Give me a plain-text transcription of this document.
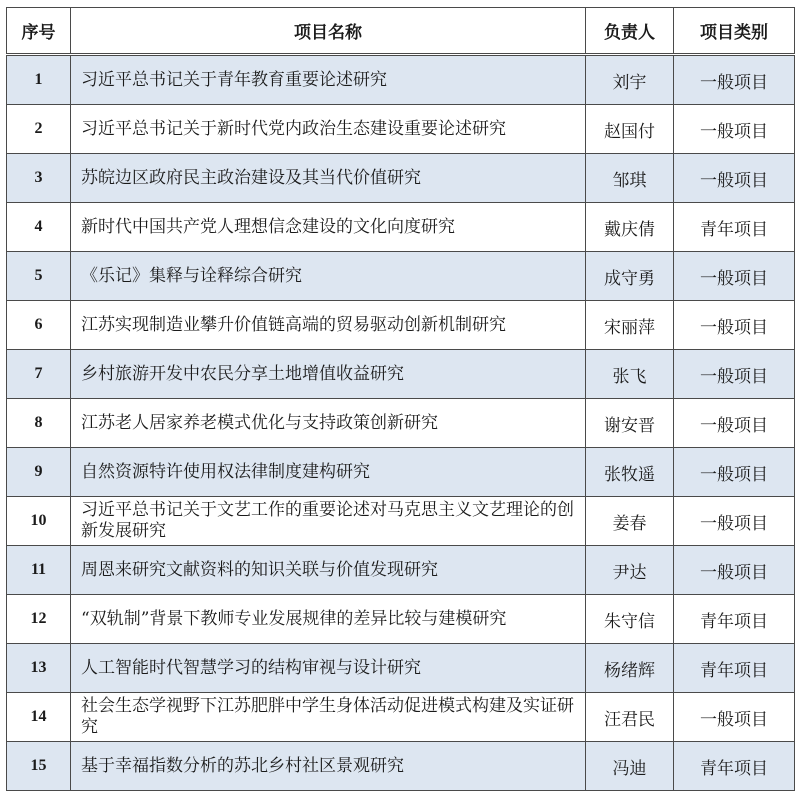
序号	项目名称	负责人	项目类别
1	习近平总书记关于青年教育重要论述研究	刘宇	一般项目
2	习近平总书记关于新时代党内政治生态建设重要论述研究	赵国付	一般项目
3	苏皖边区政府民主政治建设及其当代价值研究	邹琪	一般项目
4	新时代中国共产党人理想信念建设的文化向度研究	戴庆倩	青年项目
5	《乐记》集释与诠释综合研究	成守勇	一般项目
6	江苏实现制造业攀升价值链高端的贸易驱动创新机制研究	宋丽萍	一般项目
7	乡村旅游开发中农民分享土地增值收益研究	张飞	一般项目
8	江苏老人居家养老模式优化与支持政策创新研究	谢安晋	一般项目
9	自然资源特许使用权法律制度建构研究	张牧遥	一般项目
10	习近平总书记关于文艺工作的重要论述对马克思主义文艺理论的创新发展研究	姜春	一般项目
11	周恩来研究文献资料的知识关联与价值发现研究	尹达	一般项目
12	“双轨制”背景下教师专业发展规律的差异比较与建模研究	朱守信	青年项目
13	人工智能时代智慧学习的结构审视与设计研究	杨绪辉	青年项目
14	社会生态学视野下江苏肥胖中学生身体活动促进模式构建及实证研究	汪君民	一般项目
15	基于幸福指数分析的苏北乡村社区景观研究	冯迪	青年项目
